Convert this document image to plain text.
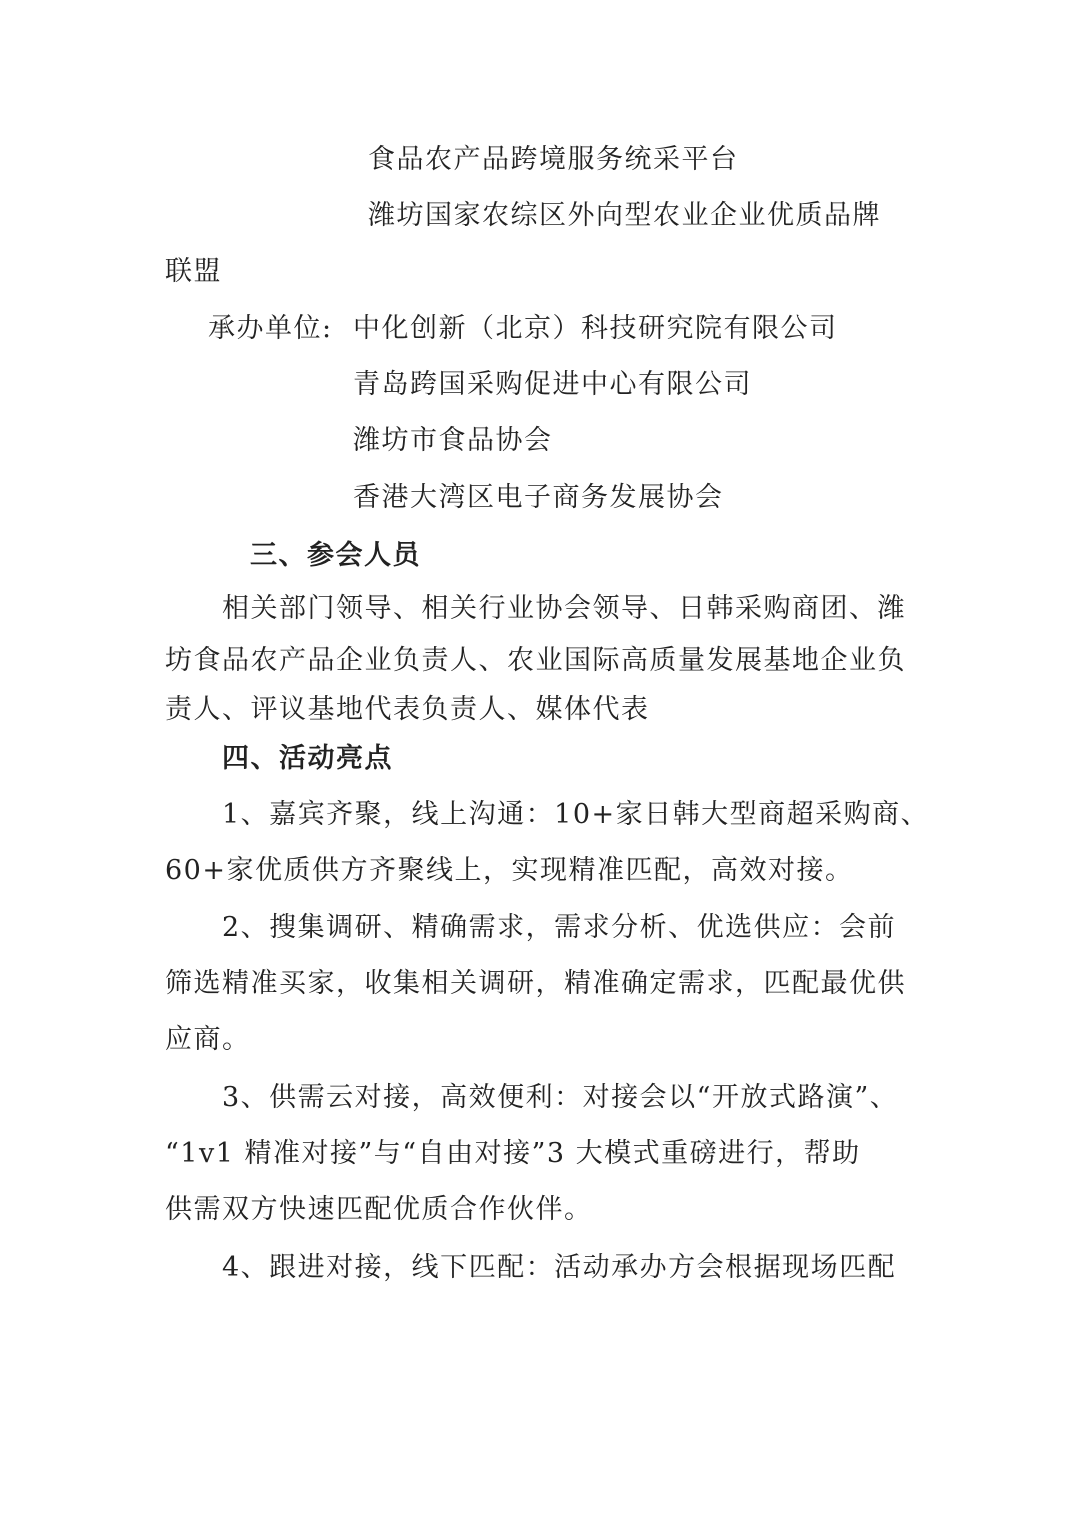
食品农产品跨境服务统采平台
潍坊国家农综区外向型农业企业优质品牌
联盟
承办单位: 中化创新（北京）科技研究院有限公司
青岛跨国采购促进中心有限公司
潍坊市食品协会
香港大湾区电子商务发展协会
三、参会人员
相关部门领导、相关行业协会领导、日韩采购商团、潍
坊食品农产品企业负责人、农业国际高质量发展基地企业负
责人、评议基地代表负责人、媒体代表
四、活动亮点
1、嘉宾齐聚，线上沟通：10+家日韩大型商超采购商、
60+家优质供方齐聚线上，实现精准匹配，高效对接。
2、搜集调研、精确需求，需求分析、优选供应：会前
筛选精准买家，收集相关调研，精准确定需求，匹配最优供
应商。
3、供需云对接，高效便利：对接会以“开放式路演”、
“1v1 精准对接”与“自由对接”3 大模式重磅进行，帮助
供需双方快速匹配优质合作伙伴。
4、跟进对接，线下匹配：活动承办方会根据现场匹配
